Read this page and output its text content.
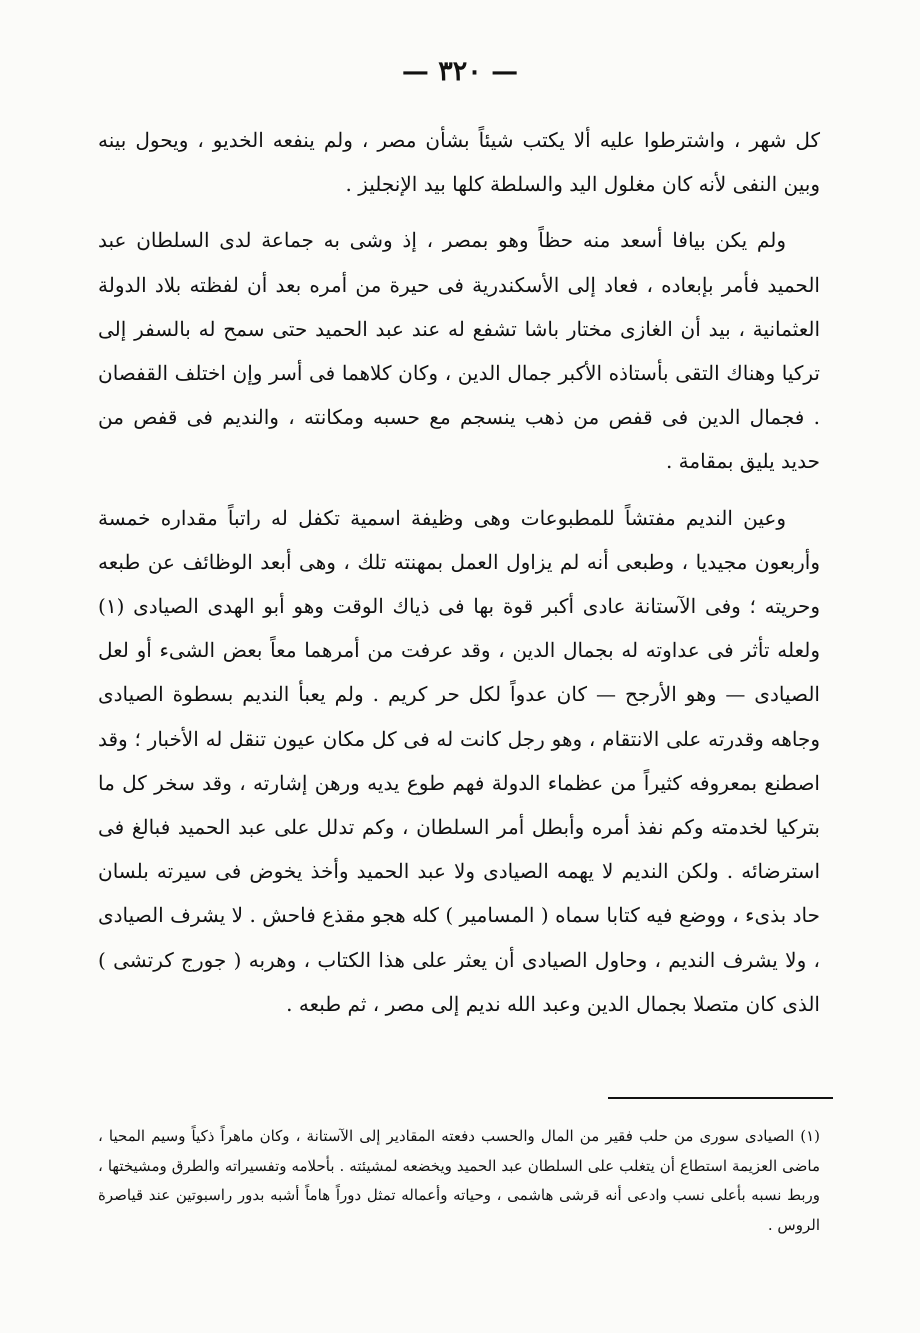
— ٣٢٠ —

كل شهر ، واشترطوا عليه ألا يكتب شيئاً بشأن مصر ، ولم ينفعه الخديو ، ويحول بينه وبين النفى لأنه كان مغلول اليد والسلطة كلها بيد الإنجليز .

ولم يكن بيافا أسعد منه حظاً وهو بمصر ، إذ وشى به جماعة لدى السلطان عبد الحميد فأمر بإبعاده ، فعاد إلى الأسكندرية فى حيرة من أمره بعد أن لفظته بلاد الدولة العثمانية ، بيد أن الغازى مختار باشا تشفع له عند عبد الحميد حتى سمح له بالسفر إلى تركيا وهناك التقى بأستاذه الأكبر جمال الدين ، وكان كلاهما فى أسر وإن اختلف القفصان . فجمال الدين فى قفص من ذهب ينسجم مع حسبه ومكانته ، والنديم فى قفص من حديد يليق بمقامة .

وعين النديم مفتشاً للمطبوعات وهى وظيفة اسمية تكفل له راتباً مقداره خمسة وأربعون مجيديا ، وطبعى أنه لم يزاول العمل بمهنته تلك ، وهى أبعد الوظائف عن طبعه وحريته ؛ وفى الآستانة عادى أكبر قوة بها فى ذياك الوقت وهو أبو الهدى الصيادى (١) ولعله تأثر فى عداوته له بجمال الدين ، وقد عرفت من أمرهما معاً بعض الشىء أو لعل الصيادى — وهو الأرجح — كان عدواً لكل حر كريم . ولم يعبأ النديم بسطوة الصيادى وجاهه وقدرته على الانتقام ، وهو رجل كانت له فى كل مكان عيون تنقل له الأخبار ؛ وقد اصطنع بمعروفه كثيراً من عظماء الدولة فهم طوع يديه ورهن إشارته ، وقد سخر كل ما بتركيا لخدمته وكم نفذ أمره وأبطل أمر السلطان ، وكم تدلل على عبد الحميد فبالغ فى استرضائه . ولكن النديم لا يهمه الصيادى ولا عبد الحميد وأخذ يخوض فى سيرته بلسان حاد بذىء ، ووضع فيه كتابا سماه ( المسامير ) كله هجو مقذع فاحش . لا يشرف الصيادى ، ولا يشرف النديم ، وحاول الصيادى أن يعثر على هذا الكتاب ، وهربه ( جورج كرتشى ) الذى كان متصلا بجمال الدين وعبد الله نديم إلى مصر ، ثم طبعه .

(١) الصيادى سورى من حلب فقير من المال والحسب دفعته المقادير إلى الآستانة ، وكان ماهراً ذكياً وسيم المحيا ، ماضى العزيمة استطاع أن يتغلب على السلطان عبد الحميد ويخضعه لمشيئته . بأحلامه وتفسيراته والطرق ومشيختها ، وربط نسبه بأعلى نسب وادعى أنه قرشى هاشمى ، وحياته وأعماله تمثل دوراً هاماً أشبه بدور راسبوتين عند قياصرة الروس .
